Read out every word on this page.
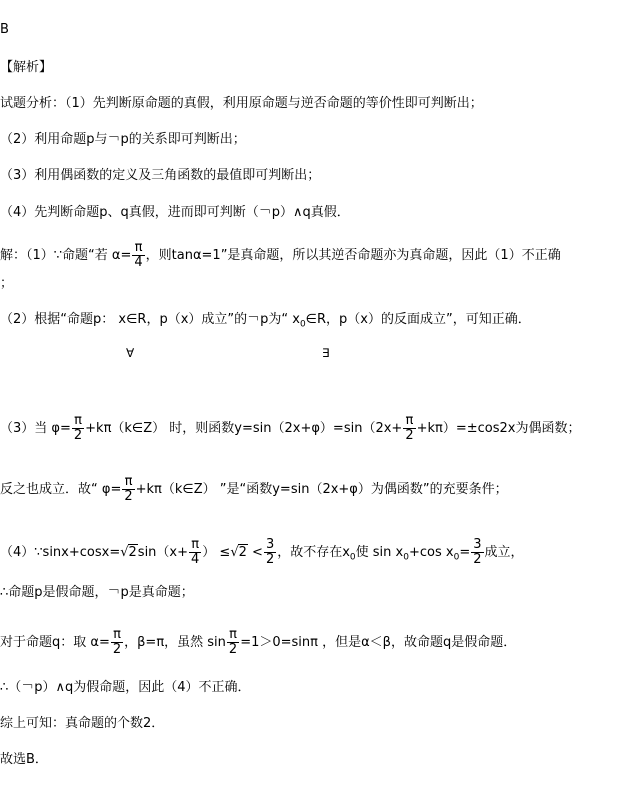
B
【解析】
试题分析：（1）先判断原命题的真假，利用原命题与逆否命题的等价性即可判断出；
（2）利用命题p与￢p的关系即可判断出；
（3）利用偶函数的定义及三角函数的最值即可判断出；
（4）先判断命题p、q真假，进而即可判断（￢p）∧q真假．
解：（1）∵命题“若 $\alpha= \frac{\pi}{4}$ ，则tanα=1”是真命题，所以其逆否命题亦为真命题，因此（1）不正确
；
（2）根据“命题p： x∈R，p（x）成立”的￢p为“ $x_0\in R$，p（x）的反面成立”，可知正确．
∀	∃
（3）当 $\varphi= \frac{\pi}{2}$ +kπ（k∈Z） 时，则函数$y=\sin(2x+\varphi)=\sin(2x+ \frac{\pi}{2} +k\pi)=\pm\cos 2x$为偶函数；
反之也成立．故“ $\varphi= \frac{\pi}{2}$ +kπ（k∈Z） ”是“函数y=sin（2x+φ）为偶函数”的充要条件；
（4）∵sinx+cosx=√2sin（x+ $\frac{\pi}{4}$ ） $\le√2 < \frac{3}{2}$ ，故不存在$x_0$使 $\sin x_0+\cos$ $x_0= \frac{3}{2}$ 成立，
∴命题p是假命题，￢p是真命题；
对于命题q：取 $\alpha= \frac{\pi}{2}$ ，β=π，虽然 $\sin \frac{\pi}{2} =1>0=\sin\pi$ ，但是α＜β，故命题q是假命题．
∴（￢p）∧q为假命题，因此（4）不正确．
综上可知：真命题的个数2．
故选B．
